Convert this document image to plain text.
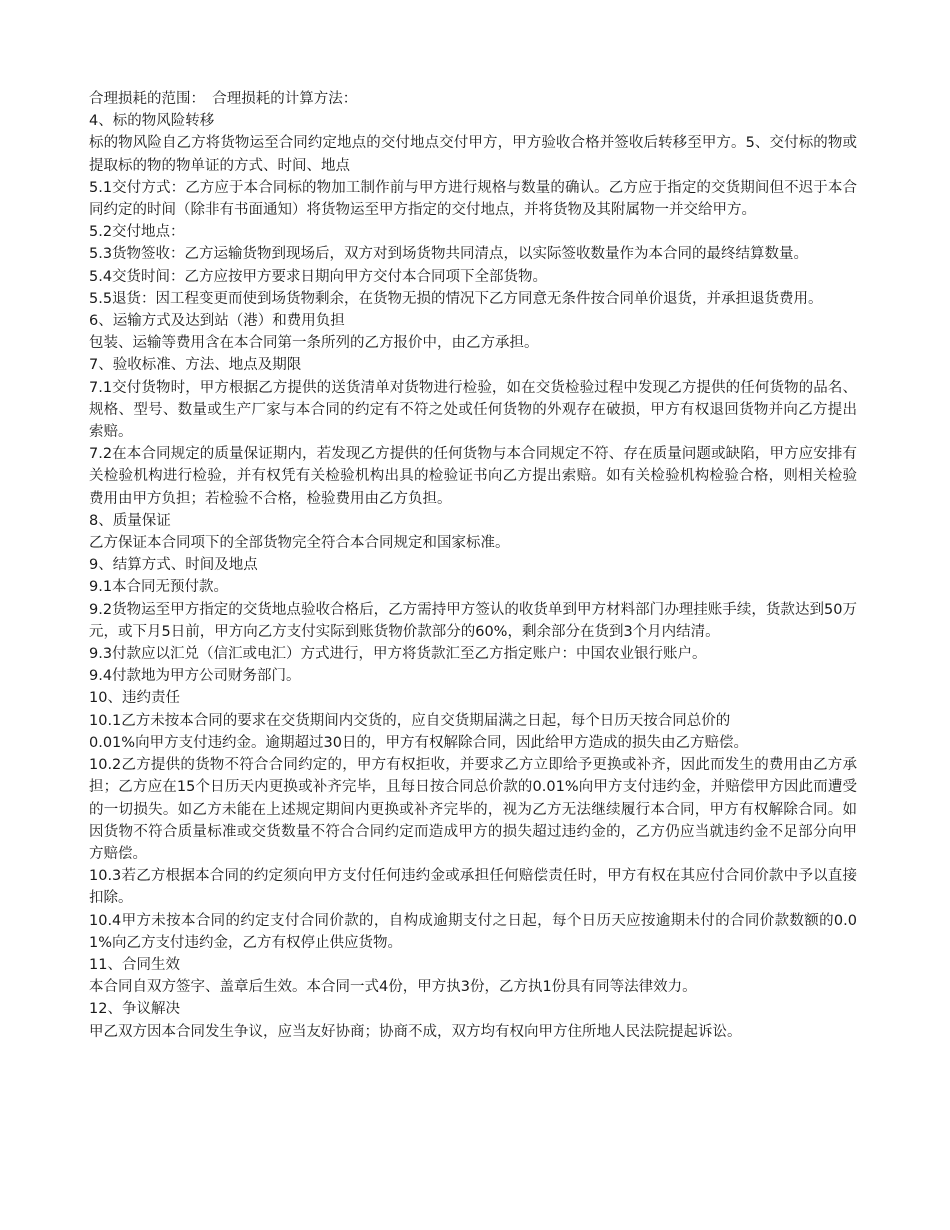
合理损耗的范围：　合理损耗的计算方法：

4、标的物风险转移

标的物风险自乙方将货物运至合同约定地点的交付地点交付甲方，甲方验收合格并签收后转移至甲方。5、交付标的物或提取标的物的物单证的方式、时间、地点

5.1交付方式：乙方应于本合同标的物加工制作前与甲方进行规格与数量的确认。乙方应于指定的交货期间但不迟于本合同约定的时间（除非有书面通知）将货物运至甲方指定的交付地点，并将货物及其附属物一并交给甲方。

5.2交付地点：

5.3货物签收：乙方运输货物到现场后，双方对到场货物共同清点，以实际签收数量作为本合同的最终结算数量。

5.4交货时间：乙方应按甲方要求日期向甲方交付本合同项下全部货物。

5.5退货：因工程变更而使到场货物剩余，在货物无损的情况下乙方同意无条件按合同单价退货，并承担退货费用。

6、运输方式及达到站（港）和费用负担

包装、运输等费用含在本合同第一条所列的乙方报价中，由乙方承担。

7、验收标准、方法、地点及期限

7.1交付货物时，甲方根据乙方提供的送货清单对货物进行检验，如在交货检验过程中发现乙方提供的任何货物的品名、规格、型号、数量或生产厂家与本合同的约定有不符之处或任何货物的外观存在破损，甲方有权退回货物并向乙方提出索赔。

7.2在本合同规定的质量保证期内，若发现乙方提供的任何货物与本合同规定不符、存在质量问题或缺陷，甲方应安排有关检验机构进行检验，并有权凭有关检验机构出具的检验证书向乙方提出索赔。如有关检验机构检验合格，则相关检验费用由甲方负担；若检验不合格，检验费用由乙方负担。

8、质量保证

乙方保证本合同项下的全部货物完全符合本合同规定和国家标准。

9、结算方式、时间及地点

9.1本合同无预付款。

9.2货物运至甲方指定的交货地点验收合格后，乙方需持甲方签认的收货单到甲方材料部门办理挂账手续，货款达到50万元，或下月5日前，甲方向乙方支付实际到账货物价款部分的60%，剩余部分在货到3个月内结清。

9.3付款应以汇兑（信汇或电汇）方式进行，甲方将货款汇至乙方指定账户：中国农业银行账户。

9.4付款地为甲方公司财务部门。

10、违约责任

10.1乙方未按本合同的要求在交货期间内交货的，应自交货期届满之日起，每个日历天按合同总价的

0.01%向甲方支付违约金。逾期超过30日的，甲方有权解除合同，因此给甲方造成的损失由乙方赔偿。

10.2乙方提供的货物不符合合同约定的，甲方有权拒收，并要求乙方立即给予更换或补齐，因此而发生的费用由乙方承担；乙方应在15个日历天内更换或补齐完毕，且每日按合同总价款的0.01%向甲方支付违约金，并赔偿甲方因此而遭受的一切损失。如乙方未能在上述规定期间内更换或补齐完毕的，视为乙方无法继续履行本合同，甲方有权解除合同。如因货物不符合质量标准或交货数量不符合合同约定而造成甲方的损失超过违约金的，乙方仍应当就违约金不足部分向甲方赔偿。

10.3若乙方根据本合同的约定须向甲方支付任何违约金或承担任何赔偿责任时，甲方有权在其应付合同价款中予以直接扣除。

10.4甲方未按本合同的约定支付合同价款的，自构成逾期支付之日起，每个日历天应按逾期未付的合同价款数额的0.01%向乙方支付违约金，乙方有权停止供应货物。

11、合同生效

本合同自双方签字、盖章后生效。本合同一式4份，甲方执3份，乙方执1份具有同等法律效力。

12、争议解决

甲乙双方因本合同发生争议，应当友好协商；协商不成，双方均有权向甲方住所地人民法院提起诉讼。
